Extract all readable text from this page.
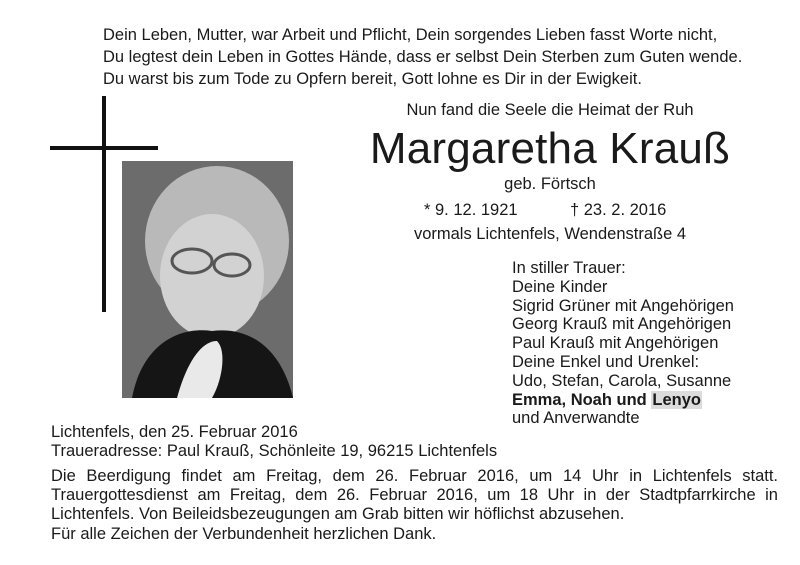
Dein Leben, Mutter, war Arbeit und Pflicht, Dein sorgendes Lieben fasst Worte nicht,
Du legtest dein Leben in Gottes Hände, dass er selbst Dein Sterben zum Guten wende.
Du warst bis zum Tode zu Opfern bereit, Gott lohne es Dir in der Ewigkeit.
Nun fand die Seele die Heimat der Ruh
Margaretha Krauß
geb. Förtsch
* 9. 12. 1921	† 23. 2. 2016
vormals Lichtenfels, Wendenstraße 4
In stiller Trauer:
Deine Kinder
Sigrid Grüner mit Angehörigen
Georg Krauß mit Angehörigen
Paul Krauß mit Angehörigen
Deine Enkel und Urenkel:
Udo, Stefan, Carola, Susanne
Emma, Noah und Lenyo
und Anverwandte
Lichtenfels, den 25. Februar 2016
Traueradresse: Paul Krauß, Schönleite 19, 96215 Lichtenfels
Die Beerdigung findet am Freitag, dem 26. Februar 2016, um 14 Uhr in Lichtenfels statt.
Trauergottesdienst am Freitag, dem 26. Februar 2016, um 18 Uhr in der Stadtpfarrkirche in
Lichtenfels. Von Beileidsbezeugungen am Grab bitten wir höflichst abzusehen.
Für alle Zeichen der Verbundenheit herzlichen Dank.
